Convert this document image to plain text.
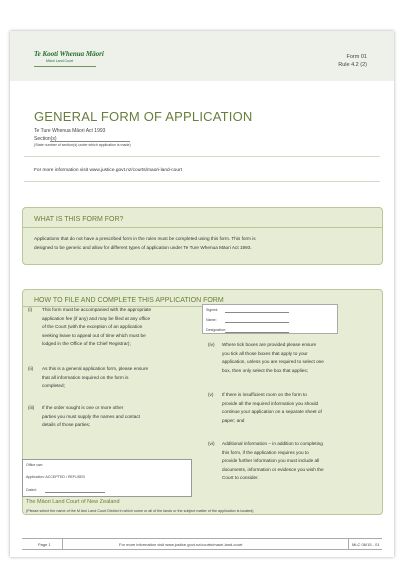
Te Kooti Whenua Māori
Māori Land Court
Form 01
Rule 4.2 (2)
GENERAL FORM OF APPLICATION
Te Ture Whenua Māori Act 1993
Section(s)
(State number of section(s) under which application is made)
For more information visit www.justice.govt.nz/courts/maori-land-court
WHAT IS THIS FORM FOR?
Applications that do not have a prescribed form in the rules must be completed using this form. This form is
designed to be generic and allow for different types of application under Te Ture Whenua Māori Act 1993.
HOW TO FILE AND COMPLETE THIS APPLICATION FORM
Signed:
Name:
Designation:
(i) This form must be accompanied with the appropriate
application fee (if any) and may be filed at any office
of the Court (with the exception of an application
seeking leave to appeal out of time which must be
lodged in the Office of the Chief Registrar);
(ii) As this is a general application form, please ensure
that all information required on the form is
completed;
(iii) If the order sought is one or more other
parties you must supply the names and contact
details of those parties;
(iv) Where tick boxes are provided please ensure
you tick all those boxes that apply to your
application, unless you are required to select one
box, then only select the box that applies;
(v) If there is insufficient room on the form to
provide all the required information you should
continue your application on a separate sheet of
paper; and
(vi) Additional information – in addition to completing
this form, if the application requires you to
provide further information you must include all
documents, information or evidence you wish the
Court to consider.
Office use:
Application: ACCEPTED / REFUSED
Dated:
The Māori Land Court of New Zealand
(Please select the name of the M āori Land Court District in which some or all of the lands or the subject matter of the application is located)
Page 1	For more information visit www.justice.govt.nz/courts/maori-land-court	MLC 06/15 - 01
